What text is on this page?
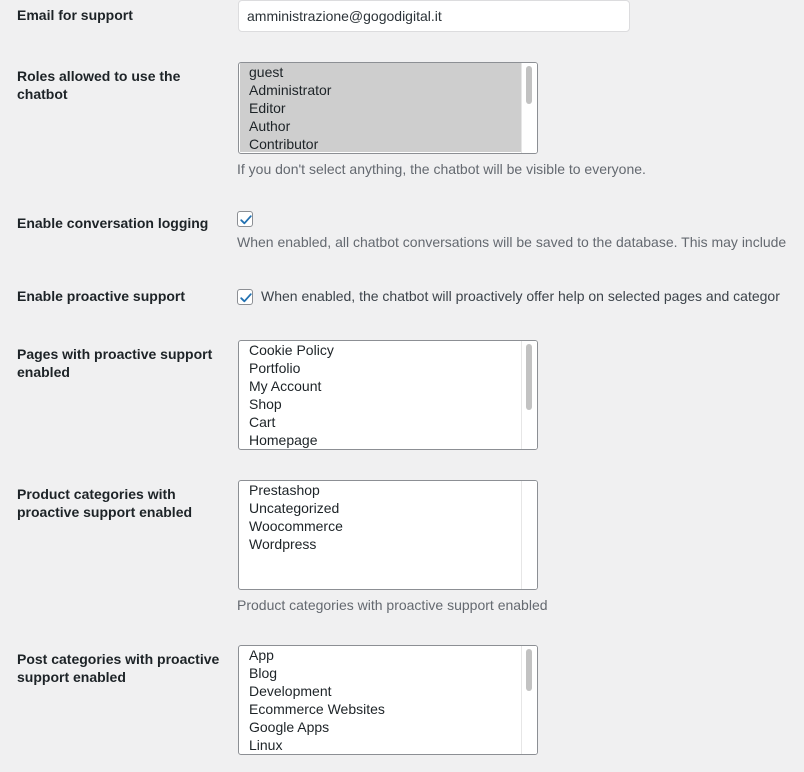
Email for support
amministrazione@gogodigital.it
Roles allowed to use the chatbot
guest
Administrator
Editor
Author
Contributor
If you don't select anything, the chatbot will be visible to everyone.
Enable conversation logging
When enabled, all chatbot conversations will be saved to the database. This may include
Enable proactive support	When enabled, the chatbot will proactively offer help on selected pages and categor
Pages with proactive support enabled
Cookie Policy
Portfolio
My Account
Shop
Cart
Homepage
Product categories with proactive support enabled
Prestashop
Uncategorized
Woocommerce
Wordpress
Product categories with proactive support enabled
Post categories with proactive support enabled
App
Blog
Development
Ecommerce Websites
Google Apps
Linux
